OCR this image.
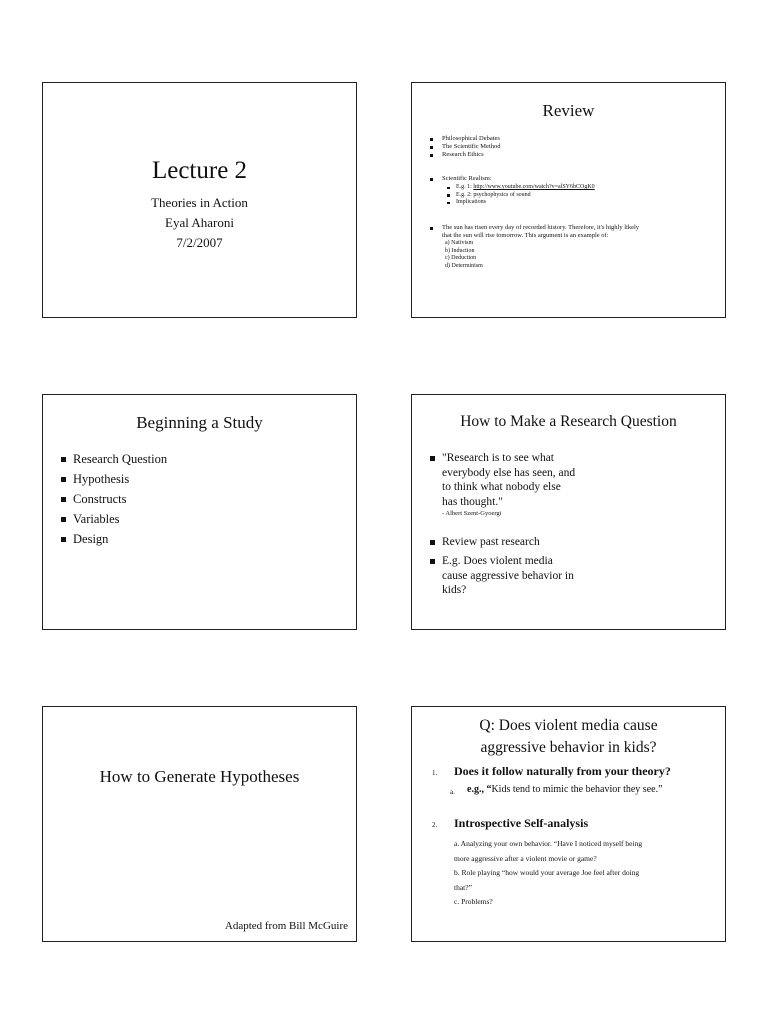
Lecture 2
Theories in Action
Eyal Aharoni
7/2/2007
Review
Philosophical Debates
The Scientific Method
Research Ethics
Scientific Realism:
E.g. 1: http://www.youtube.com/watch?v=alSY6bCOgK0
E.g. 2: psychophysics of sound
Implications
The sun has risen every day of recorded history. Therefore, it's highly likely
that the sun will rise tomorrow. This argument is an example of:
a) Nativism
b) Induction
c) Deduction
d) Determinism
Beginning a Study
Research Question
Hypothesis
Constructs
Variables
Design
How to Make a Research Question
"Research is to see what
everybody else has seen, and
to think what nobody else
has thought."
- Albert Szent-Gyoergi
Review past research
E.g. Does violent media
cause aggressive behavior in
kids?
How to Generate Hypotheses
Adapted from Bill McGuire
Q: Does violent media cause
aggressive behavior in kids?
1. Does it follow naturally from your theory?
a. e.g., “Kids tend to mimic the behavior they see.”
2. Introspective Self-analysis
a. Analyzing your own behavior. “Have I noticed myself being
more aggressive after a violent movie or game?
b. Role playing “how would your average Joe feel after doing
that?”
c. Problems?
